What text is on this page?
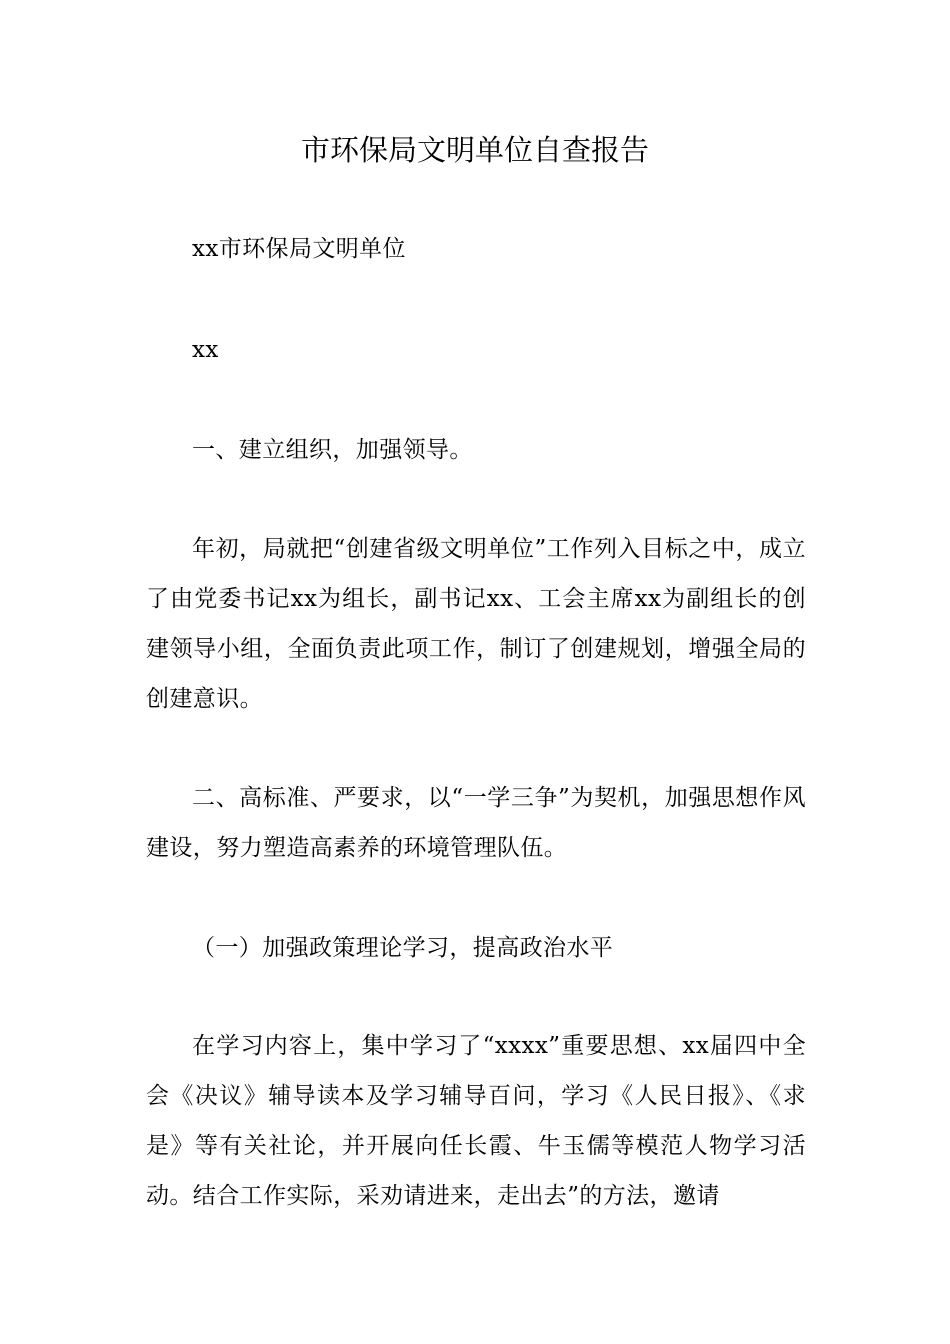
市环保局文明单位自查报告
xx市环保局文明单位
xx
一、建立组织，加强领导。
年初，局就把“创建省级文明单位”工作列入目标之中，成立了由党委书记xx为组长，副书记xx、工会主席xx为副组长的创建领导小组，全面负责此项工作，制订了创建规划，增强全局的创建意识。
二、高标准、严要求，以“一学三争”为契机，加强思想作风建设，努力塑造高素养的环境管理队伍。
（一）加强政策理论学习，提高政治水平
在学习内容上，集中学习了“xxxx”重要思想、xx届四中全会《决议》辅导读本及学习辅导百问，学习《人民日报》、《求是》等有关社论，并开展向任长霞、牛玉儒等模范人物学习活动。结合工作实际，采劝请进来，走出去”的方法，邀请
